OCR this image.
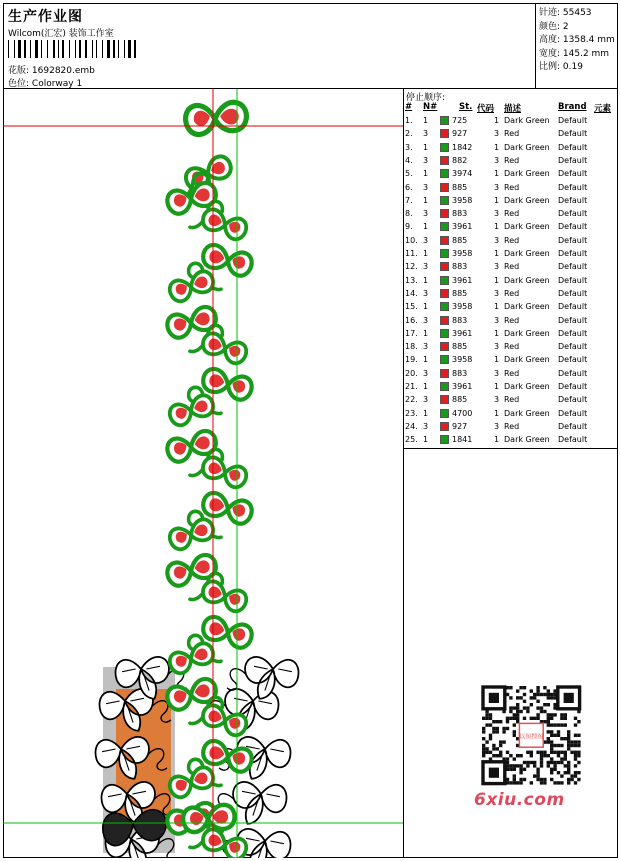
生产作业图
Wilcom(汇宏) 装饰工作室
花版: 1692820.emb
色位: Colorway 1
针迹: 55453
颜色: 2
高度: 1358.4 mm
宽度: 145.2 mm
比例: 0.19
停止顺序:
# N#	St. 代码 描述	Brand 元素
1. 1	725	1 Dark Green Default
2. 3	927	3 Red	Default
3. 1	1842	1 Dark Green Default
4. 3	882	3 Red	Default
5. 1	3974	1 Dark Green Default
6. 3	885	3 Red	Default
7. 1	3958	1 Dark Green Default
8. 3	883	3 Red	Default
9. 1	3961	1 Dark Green Default
10. 3	885	3 Red	Default
11. 1	3958	1 Dark Green Default
12. 3	883	3 Red	Default
13. 1	3961	1 Dark Green Default
14. 3	885	3 Red	Default
15. 1	3958	1 Dark Green Default
16. 3	883	3 Red	Default
17. 1	3961	1 Dark Green Default
18. 3	885	3 Red	Default
19. 1	3958	1 Dark Green Default
20. 3	883	3 Red	Default
21. 1	3961	1 Dark Green Default
22. 3	885	3 Red	Default
23. 1	4700	1 Dark Green Default
24. 3	927	3 Red	Default
25. 1	1841	1 Dark Green Default
以图搜图
6xiu.com
